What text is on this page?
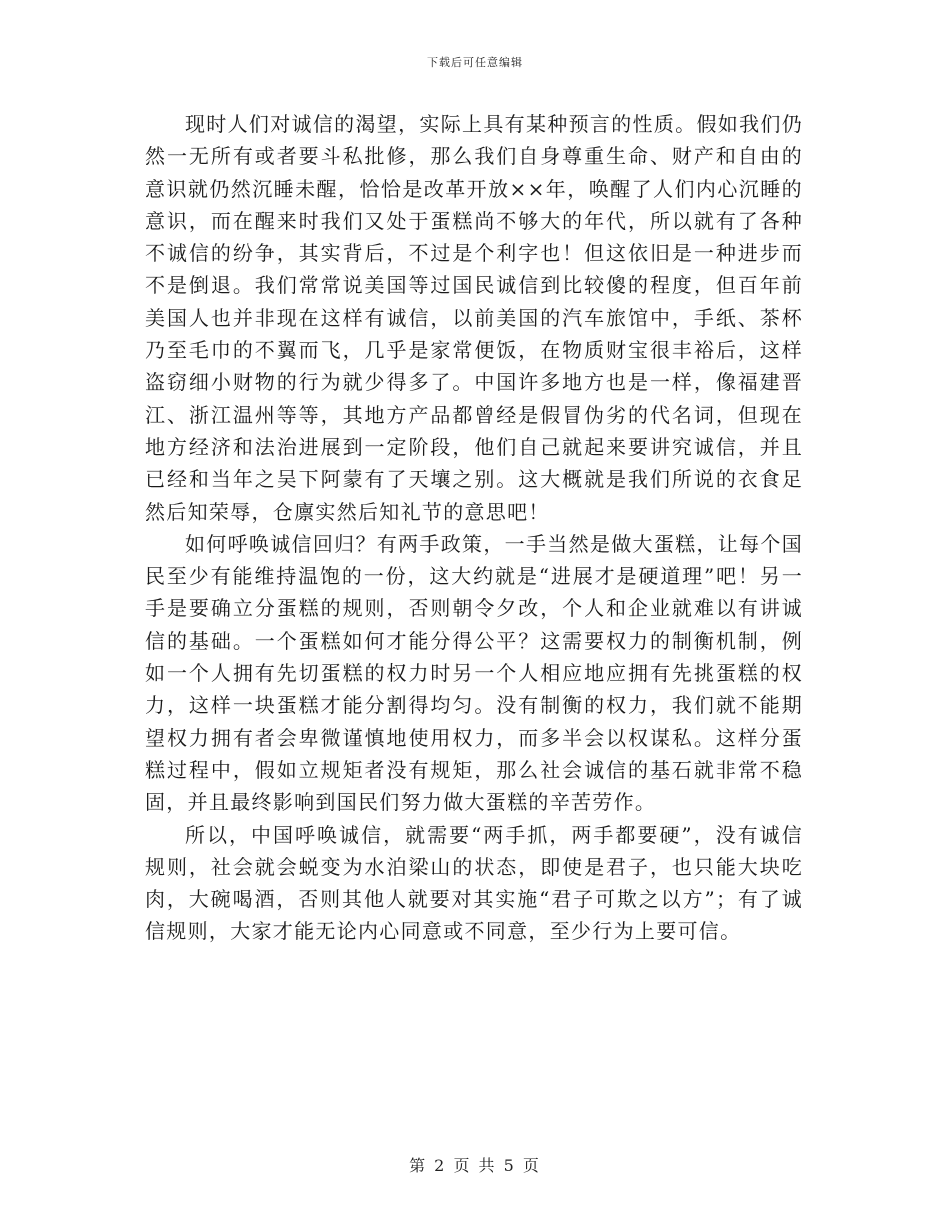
下载后可任意编辑

现时人们对诚信的渴望，实际上具有某种预言的性质。假如我们仍然一无所有或者要斗私批修，那么我们自身尊重生命、财产和自由的意识就仍然沉睡未醒，恰恰是改革开放××年，唤醒了人们内心沉睡的意识，而在醒来时我们又处于蛋糕尚不够大的年代，所以就有了各种不诚信的纷争，其实背后，不过是个利字也！但这依旧是一种进步而不是倒退。我们常常说美国等过国民诚信到比较傻的程度，但百年前美国人也并非现在这样有诚信，以前美国的汽车旅馆中，手纸、茶杯乃至毛巾的不翼而飞，几乎是家常便饭，在物质财宝很丰裕后，这样盗窃细小财物的行为就少得多了。中国许多地方也是一样，像福建晋江、浙江温州等等，其地方产品都曾经是假冒伪劣的代名词，但现在地方经济和法治进展到一定阶段，他们自己就起来要讲究诚信，并且已经和当年之吴下阿蒙有了天壤之别。这大概就是我们所说的衣食足然后知荣辱，仓廪实然后知礼节的意思吧！

如何呼唤诚信回归？有两手政策，一手当然是做大蛋糕，让每个国民至少有能维持温饱的一份，这大约就是“进展才是硬道理”吧！另一手是要确立分蛋糕的规则，否则朝令夕改，个人和企业就难以有讲诚信的基础。一个蛋糕如何才能分得公平？这需要权力的制衡机制，例如一个人拥有先切蛋糕的权力时另一个人相应地应拥有先挑蛋糕的权力，这样一块蛋糕才能分割得均匀。没有制衡的权力，我们就不能期望权力拥有者会卑微谨慎地使用权力，而多半会以权谋私。这样分蛋糕过程中，假如立规矩者没有规矩，那么社会诚信的基石就非常不稳固，并且最终影响到国民们努力做大蛋糕的辛苦劳作。

所以，中国呼唤诚信，就需要“两手抓，两手都要硬”，没有诚信规则，社会就会蜕变为水泊梁山的状态，即使是君子，也只能大块吃肉，大碗喝酒，否则其他人就要对其实施“君子可欺之以方”；有了诚信规则，大家才能无论内心同意或不同意，至少行为上要可信。

第 2 页 共 5 页
